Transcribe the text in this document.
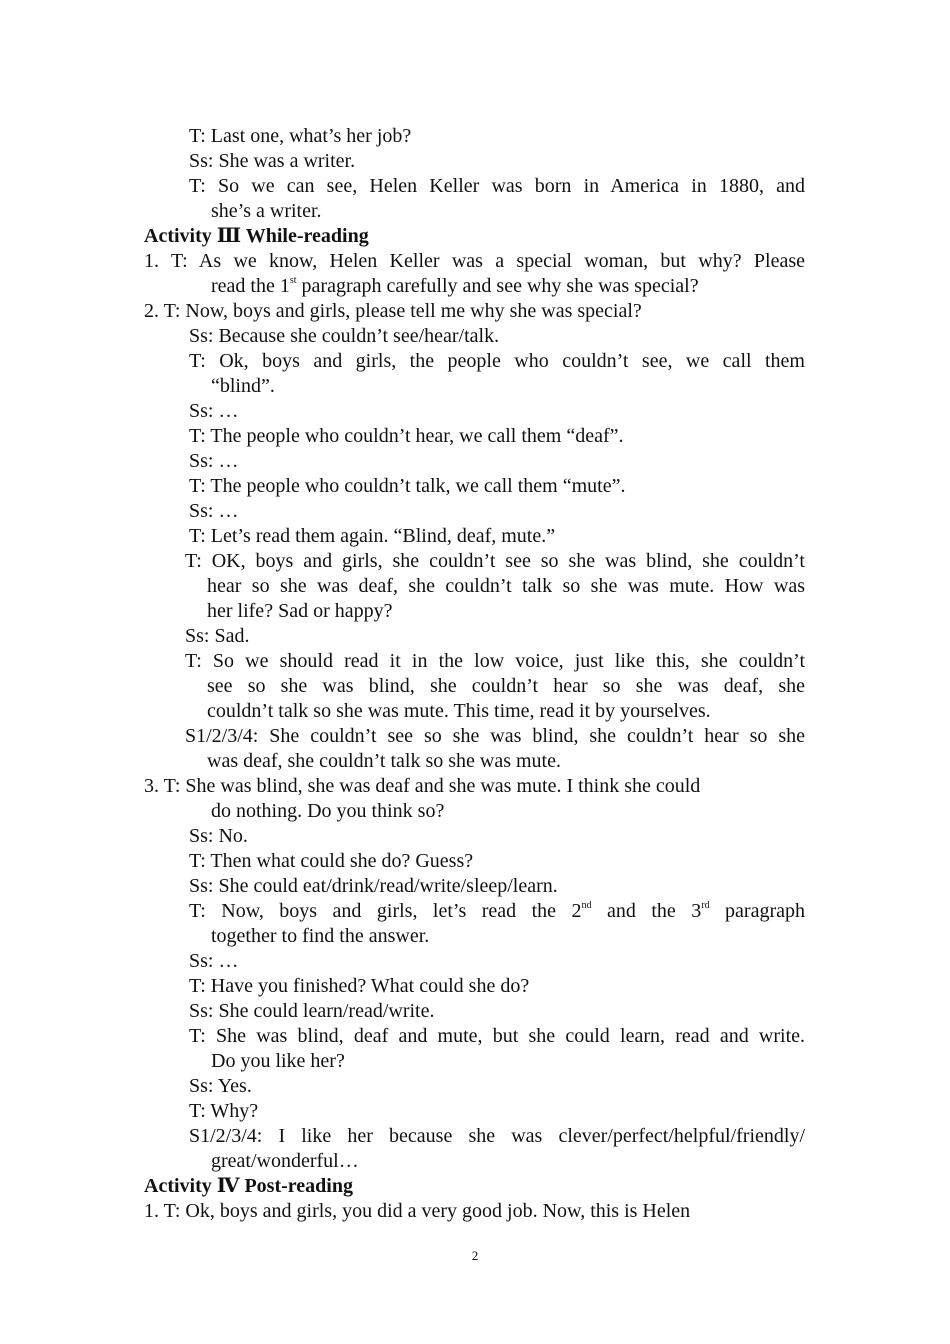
T: Last one, what’s her job?
Ss: She was a writer.
T: So we can see, Helen Keller was born in America in 1880, and
she’s a writer.
Activity Ⅲ While-reading
1. T: As we know, Helen Keller was a special woman, but why? Please
read the 1st paragraph carefully and see why she was special?
2. T: Now, boys and girls, please tell me why she was special?
Ss: Because she couldn’t see/hear/talk.
T: Ok, boys and girls, the people who couldn’t see, we call them
“blind”.
Ss: …
T: The people who couldn’t hear, we call them “deaf”.
Ss: …
T: The people who couldn’t talk, we call them “mute”.
Ss: …
T: Let’s read them again. “Blind, deaf, mute.”
T: OK, boys and girls, she couldn’t see so she was blind, she couldn’t
hear so she was deaf, she couldn’t talk so she was mute. How was
her life? Sad or happy?
Ss: Sad.
T: So we should read it in the low voice, just like this, she couldn’t
see so she was blind, she couldn’t hear so she was deaf, she
couldn’t talk so she was mute. This time, read it by yourselves.
S1/2/3/4: She couldn’t see so she was blind, she couldn’t hear so she
was deaf, she couldn’t talk so she was mute.
3. T: She was blind, she was deaf and she was mute. I think she could
do nothing. Do you think so?
Ss: No.
T: Then what could she do? Guess?
Ss: She could eat/drink/read/write/sleep/learn.
T: Now, boys and girls, let’s read the 2nd and the 3rd paragraph
together to find the answer.
Ss: …
T: Have you finished? What could she do?
Ss: She could learn/read/write.
T: She was blind, deaf and mute, but she could learn, read and write.
Do you like her?
Ss: Yes.
T: Why?
S1/2/3/4: I like her because she was clever/perfect/helpful/friendly/
great/wonderful…
Activity Ⅳ Post-reading
1. T: Ok, boys and girls, you did a very good job. Now, this is Helen
2
